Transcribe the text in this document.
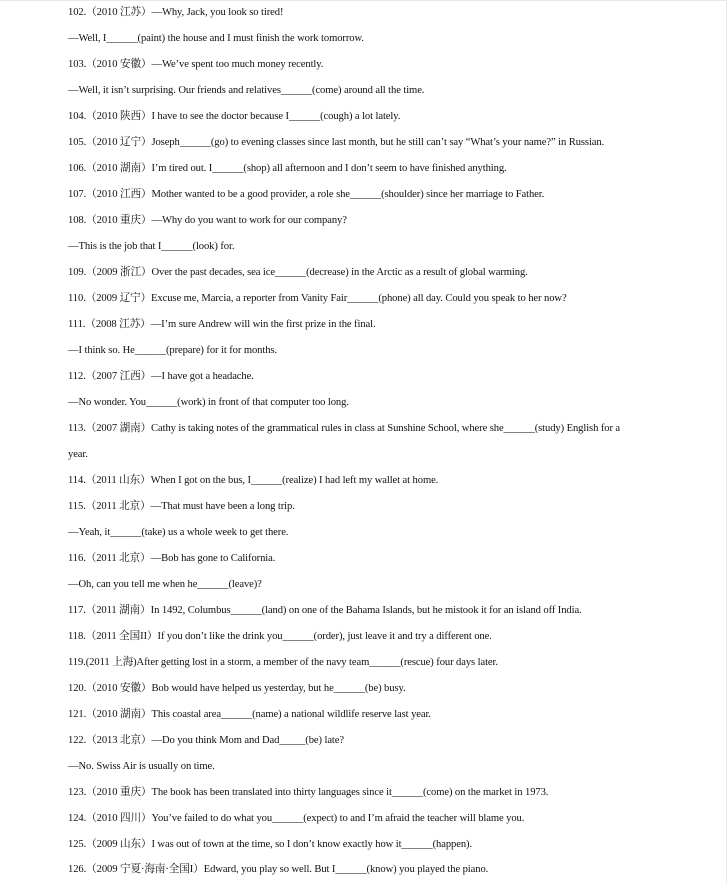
102.（2010 江苏）—Why, Jack, you look so tired!
—Well, I______(paint) the house and I must finish the work tomorrow.
103.（2010 安徽）—We’ve spent too much money recently.
—Well, it isn’t surprising. Our friends and relatives______(come) around all the time.
104.（2010 陕西）I have to see the doctor because I______(cough) a lot lately.
105.（2010 辽宁）Joseph______(go) to evening classes since last month, but he still can’t say “What’s your name?” in Russian.
106.（2010 湖南）I’m tired out. I______(shop) all afternoon and I don’t seem to have finished anything.
107.（2010 江西）Mother wanted to be a good provider, a role she______(shoulder) since her marriage to Father.
108.（2010 重庆）—Why do you want to work for our company?
—This is the job that I______(look) for.
109.（2009 浙江）Over the past decades, sea ice______(decrease) in the Arctic as a result of global warming.
110.（2009 辽宁）Excuse me, Marcia, a reporter from Vanity Fair______(phone) all day. Could you speak to her now?
111.（2008 江苏）—I’m sure Andrew will win the first prize in the final.
—I think so. He______(prepare) for it for months.
112.（2007 江西）—I have got a headache.
—No wonder. You______(work) in front of that computer too long.
113.（2007 湖南）Cathy is taking notes of the grammatical rules in class at Sunshine School, where she______(study) English for a
year.
114.（2011 山东）When I got on the bus, I______(realize) I had left my wallet at home.
115.（2011 北京）—That must have been a long trip.
—Yeah, it______(take) us a whole week to get there.
116.（2011 北京）—Bob has gone to California.
—Oh, can you tell me when he______(leave)?
117.（2011 湖南）In 1492, Columbus______(land) on one of the Bahama Islands, but he mistook it for an island off India.
118.（2011 全国II）If you don’t like the drink you______(order), just leave it and try a different one.
119.(2011 上海)After getting lost in a storm, a member of the navy team______(rescue) four days later.
120.（2010 安徽）Bob would have helped us yesterday, but he______(be) busy.
121.（2010 湖南）This coastal area______(name) a national wildlife reserve last year.
122.（2013 北京）—Do you think Mom and Dad_____(be) late?
—No. Swiss Air is usually on time.
123.（2010 重庆）The book has been translated into thirty languages since it______(come) on the market in 1973.
124.（2010 四川）You’ve failed to do what you______(expect) to and I’m afraid the teacher will blame you.
125.（2009 山东）I was out of town at the time, so I don’t know exactly how it______(happen).
126.（2009 宁夏·海南·全国I）Edward, you play so well. But I______(know) you played the piano.
